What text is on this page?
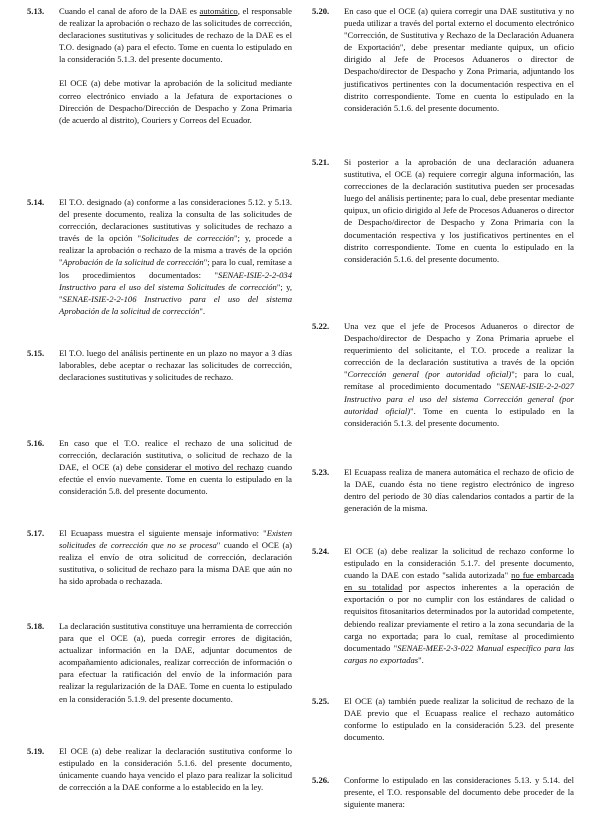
5.13. Cuando el canal de aforo de la DAE es automático, el responsable de realizar la aprobación o rechazo de las solicitudes de corrección, declaraciones sustitutivas y solicitudes de rechazo de la DAE es el T.O. designado (a) para el efecto. Tome en cuenta lo estipulado en la consideración 5.1.3. del presente documento.

El OCE (a) debe motivar la aprobación de la solicitud mediante correo electrónico enviado a la Jefatura de exportaciones o Dirección de Despacho/Dirección de Despacho y Zona Primaria (de acuerdo al distrito), Couriers y Correos del Ecuador.

5.14. El T.O. designado (a) conforme a las consideraciones 5.12. y 5.13. del presente documento, realiza la consulta de las solicitudes de corrección, declaraciones sustitutivas y solicitudes de rechazo a través de la opción "Solicitudes de corrección"; y, procede a realizar la aprobación o rechazo de la misma a través de la opción "Aprobación de la solicitud de corrección"; para lo cual, remítase a los procedimientos documentados: "SENAE-ISIE-2-2-034 Instructivo para el uso del sistema Solicitudes de corrección"; y, "SENAE-ISIE-2-2-106 Instructivo para el uso del sistema Aprobación de la solicitud de corrección".

5.15. El T.O. luego del análisis pertinente en un plazo no mayor a 3 días laborables, debe aceptar o rechazar las solicitudes de corrección, declaraciones sustitutivas y solicitudes de rechazo.

5.16. En caso que el T.O. realice el rechazo de una solicitud de corrección, declaración sustitutiva, o solicitud de rechazo de la DAE, el OCE (a) debe considerar el motivo del rechazo cuando efectúe el envío nuevamente. Tome en cuenta lo estipulado en la consideración 5.8. del presente documento.

5.17. El Ecuapass muestra el siguiente mensaje informativo: "Existen solicitudes de corrección que no se procesa" cuando el OCE (a) realiza el envío de otra solicitud de corrección, declaración sustitutiva, o solicitud de rechazo para la misma DAE que aún no ha sido aprobada o rechazada.

5.18. La declaración sustitutiva constituye una herramienta de corrección para que el OCE (a), pueda corregir errores de digitación, actualizar información en la DAE, adjuntar documentos de acompañamiento adicionales, realizar corrección de información o para efectuar la ratificación del envío de la información para realizar la regularización de la DAE. Tome en cuenta lo estipulado en la consideración 5.1.9. del presente documento.

5.19. El OCE (a) debe realizar la declaración sustitutiva conforme lo estipulado en la consideración 5.1.6. del presente documento, únicamente cuando haya vencido el plazo para realizar la solicitud de corrección a la DAE conforme a lo establecido en la ley.

5.20. En caso que el OCE (a) quiera corregir una DAE sustitutiva y no pueda utilizar a través del portal externo el documento electrónico "Corrección, de Sustitutiva y Rechazo de la Declaración Aduanera de Exportación", debe presentar mediante quipux, un oficio dirigido al Jefe de Procesos Aduaneros o director de Despacho/director de Despacho y Zona Primaria, adjuntando los justificativos pertinentes con la documentación respectiva en el distrito correspondiente. Tome en cuenta lo estipulado en la consideración 5.1.6. del presente documento.

5.21. Si posterior a la aprobación de una declaración aduanera sustitutiva, el OCE (a) requiere corregir alguna información, las correcciones de la declaración sustitutiva pueden ser procesadas luego del análisis pertinente; para lo cual, debe presentar mediante quipux, un oficio dirigido al Jefe de Procesos Aduaneros o director de Despacho/director de Despacho y Zona Primaria con la documentación respectiva y los justificativos pertinentes en el distrito correspondiente. Tome en cuenta lo estipulado en la consideración 5.1.6. del presente documento.

5.22. Una vez que el jefe de Procesos Aduaneros o director de Despacho/director de Despacho y Zona Primaria apruebe el requerimiento del solicitante, el T.O. procede a realizar la corrección de la declaración sustitutiva a través de la opción "Corrección general (por autoridad oficial)"; para lo cual, remítase al procedimiento documentado "SENAE-ISIE-2-2-027 Instructivo para el uso del sistema Corrección general (por autoridad oficial)". Tome en cuenta lo estipulado en la consideración 5.1.3. del presente documento.

5.23. El Ecuapass realiza de manera automática el rechazo de oficio de la DAE, cuando ésta no tiene registro electrónico de ingreso dentro del periodo de 30 días calendarios contados a partir de la generación de la misma.

5.24. El OCE (a) debe realizar la solicitud de rechazo conforme lo estipulado en la consideración 5.1.7. del presente documento, cuando la DAE con estado "salida autorizada" no fue embarcada en su totalidad por aspectos inherentes a la operación de exportación o por no cumplir con los estándares de calidad o requisitos fitosanitarios determinados por la autoridad competente, debiendo realizar previamente el retiro a la zona secundaria de la carga no exportada; para lo cual, remítase al procedimiento documentado "SENAE-MEE-2-3-022 Manual específico para las cargas no exportadas".

5.25. El OCE (a) también puede realizar la solicitud de rechazo de la DAE previo que el Ecuapass realice el rechazo automático conforme lo estipulado en la consideración 5.23. del presente documento.

5.26. Conforme lo estipulado en las consideraciones 5.13. y 5.14. del presente, el T.O. responsable del documento debe proceder de la siguiente manera:
